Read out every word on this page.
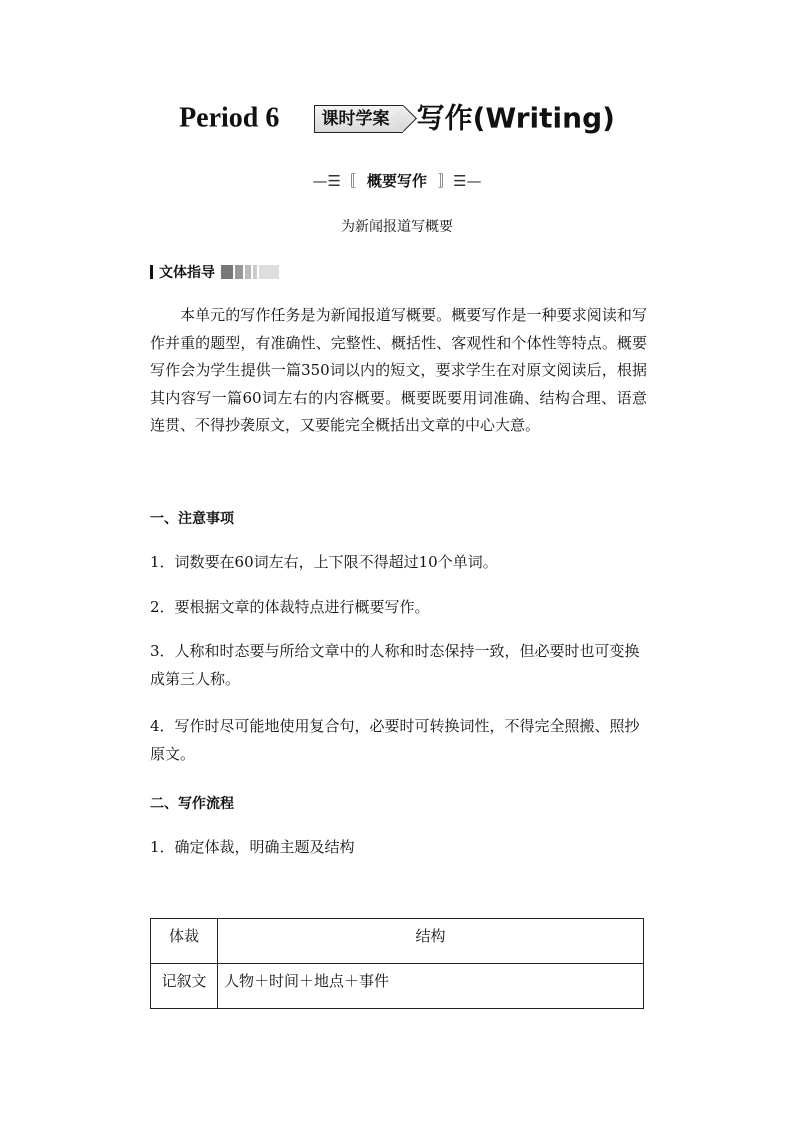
Period 6 课时学案 写作(Writing)
—☰〚 概要写作 〛☰—
为新闻报道写概要
文体指导
本单元的写作任务是为新闻报道写概要。概要写作是一种要求阅读和写作并重的题型，有准确性、完整性、概括性、客观性和个体性等特点。概要写作会为学生提供一篇350词以内的短文，要求学生在对原文阅读后，根据其内容写一篇60词左右的内容概要。概要既要用词准确、结构合理、语意连贯、不得抄袭原文，又要能完全概括出文章的中心大意。
一、注意事项
1．词数要在60词左右，上下限不得超过10个单词。
2．要根据文章的体裁特点进行概要写作。
3．人称和时态要与所给文章中的人称和时态保持一致，但必要时也可变换成第三人称。
4．写作时尽可能地使用复合句，必要时可转换词性，不得完全照搬、照抄原文。
二、写作流程
1．确定体裁，明确主题及结构
体裁	结构
记叙文	人物＋时间＋地点＋事件
